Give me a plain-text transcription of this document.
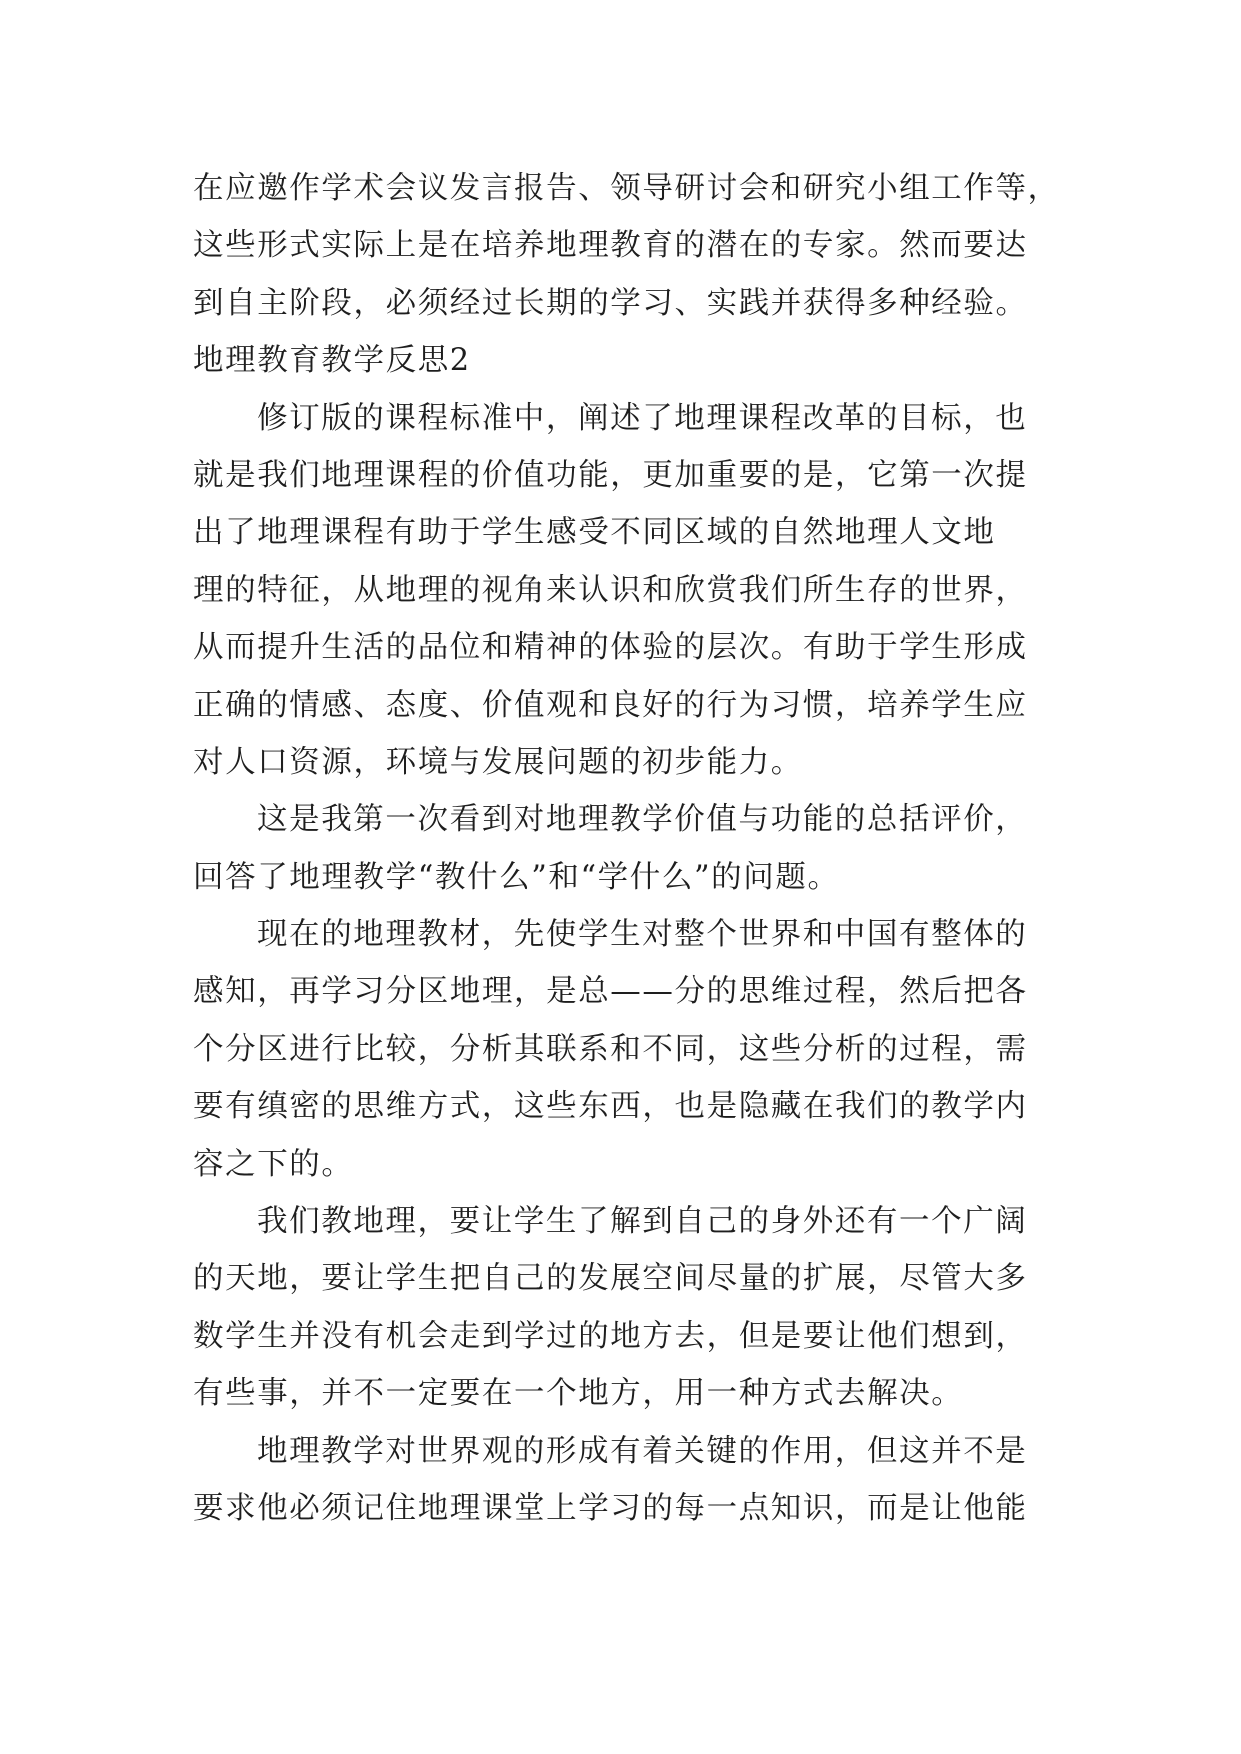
在应邀作学术会议发言报告、领导研讨会和研究小组工作等，
这些形式实际上是在培养地理教育的潜在的专家。然而要达
到自主阶段，必须经过长期的学习、实践并获得多种经验。
地理教育教学反思2
修订版的课程标准中，阐述了地理课程改革的目标，也
就是我们地理课程的价值功能，更加重要的是，它第一次提
出了地理课程有助于学生感受不同区域的自然地理人文地
理的特征，从地理的视角来认识和欣赏我们所生存的世界，
从而提升生活的品位和精神的体验的层次。有助于学生形成
正确的情感、态度、价值观和良好的行为习惯，培养学生应
对人口资源，环境与发展问题的初步能力。
这是我第一次看到对地理教学价值与功能的总括评价，
回答了地理教学“教什么”和“学什么”的问题。
现在的地理教材，先使学生对整个世界和中国有整体的
感知，再学习分区地理，是总——分的思维过程，然后把各
个分区进行比较，分析其联系和不同，这些分析的过程，需
要有缜密的思维方式，这些东西，也是隐藏在我们的教学内
容之下的。
我们教地理，要让学生了解到自己的身外还有一个广阔
的天地，要让学生把自己的发展空间尽量的扩展，尽管大多
数学生并没有机会走到学过的地方去，但是要让他们想到，
有些事，并不一定要在一个地方，用一种方式去解决。
地理教学对世界观的形成有着关键的作用，但这并不是
要求他必须记住地理课堂上学习的每一点知识，而是让他能
